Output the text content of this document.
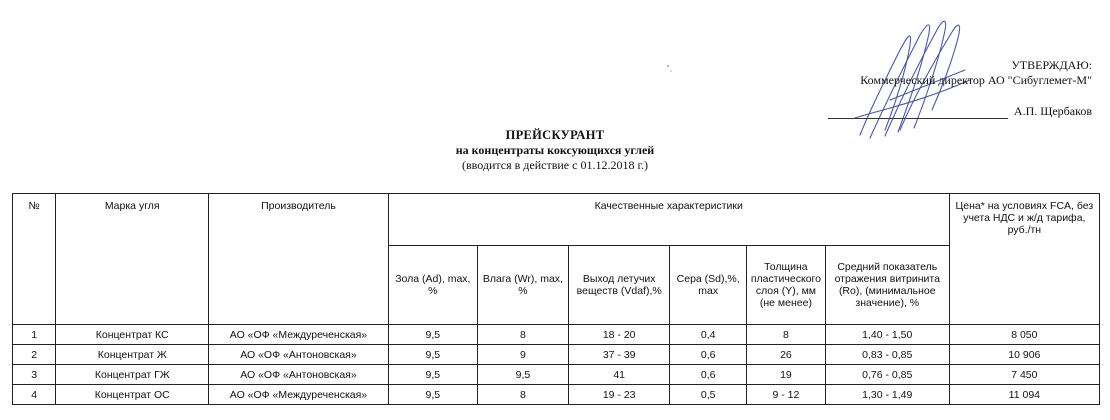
УТВЕРЖДАЮ:
Коммерческий директор АО "Сибуглемет-М"
А.П. Щербаков
ПРЕЙСКУРАНТ
на концентраты коксующихся углей
(вводится в действие с 01.12.2018 г.)
№	Марка угля	Производитель	Качественные характеристики						Цена* на условиях FCA, без учета НДС и ж/д тарифа, руб./тн
			Зола (Ad), max, %	Влага (Wr), max, %	Выход летучих веществ (Vdaf),%	Сера (Sd),%, max	Толщина пластического слоя (Y), мм (не менее)	Средний показатель отражения витринита (Ro), (минимальное значение), %	
1	Концентрат КС	АО «ОФ «Междуреченская»	9,5	8	18 - 20	0,4	8	1,40 - 1,50	8 050
2	Концентрат Ж	АО «ОФ «Антоновская»	9,5	9	37 - 39	0,6	26	0,83 - 0,85	10 906
3	Концентрат ГЖ	АО «ОФ «Антоновская»	9,5	9,5	41	0,6	19	0,76 - 0,85	7 450
4	Концентрат ОС	АО «ОФ «Междуреченская»	9,5	8	19 - 23	0,5	9 - 12	1,30 - 1,49	11 094
